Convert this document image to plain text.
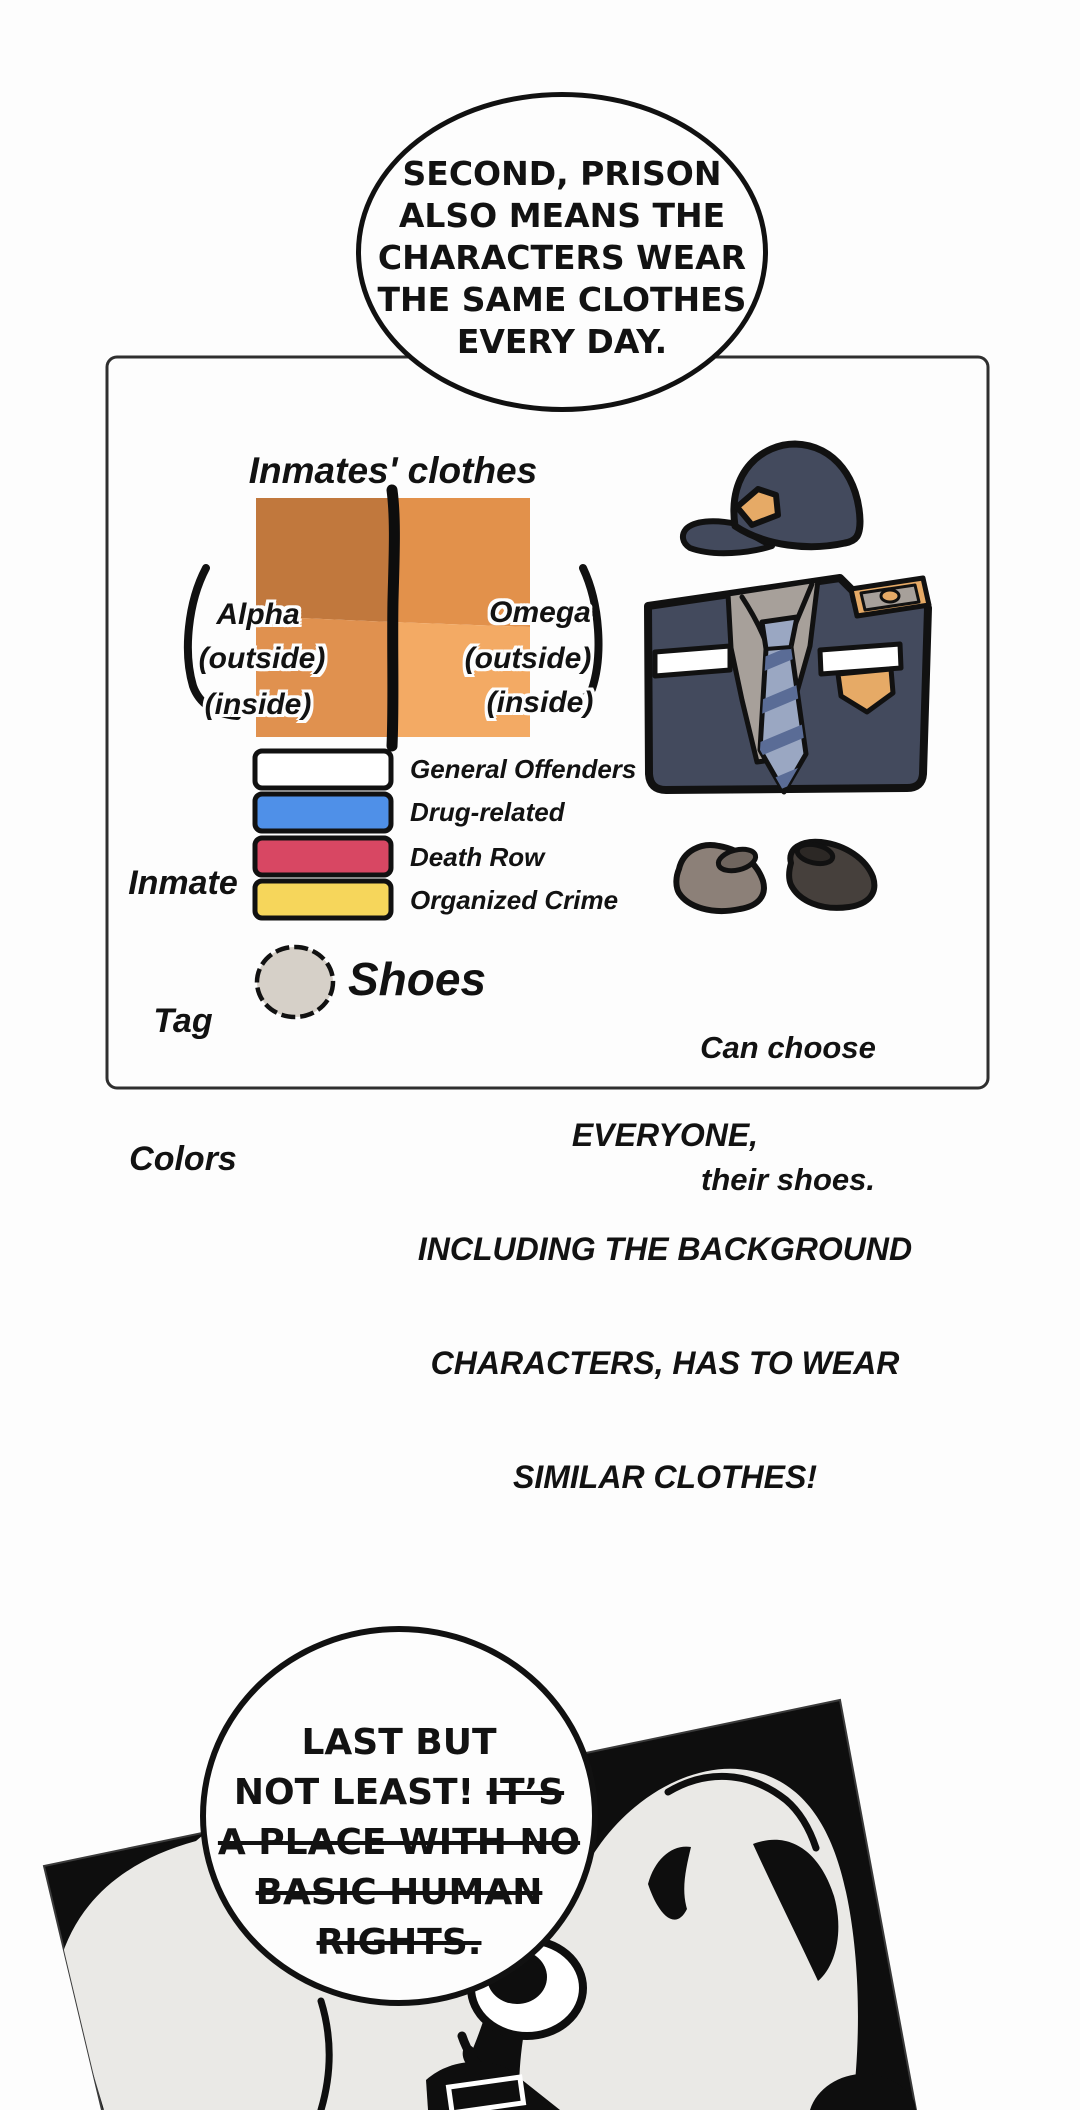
Inmates' clothes

Alpha

(inside)

(outside)

Omega

(inside)

(outside)

Inmate

Tag

Colors

General Offenders
Drug-related
Death Row
Organized Crime
Shoes

Can choose

their shoes.

EVERYONE,

INCLUDING THE BACKGROUND

CHARACTERS, HAS TO WEAR

SIMILAR CLOTHES!

SECOND, PRISON
ALSO MEANS THE
CHARACTERS WEAR
THE SAME CLOTHES
EVERY DAY.
LAST BUT
NOT LEAST! IT’S
A PLACE WITH NO
BASIC HUMAN
RIGHTS.
